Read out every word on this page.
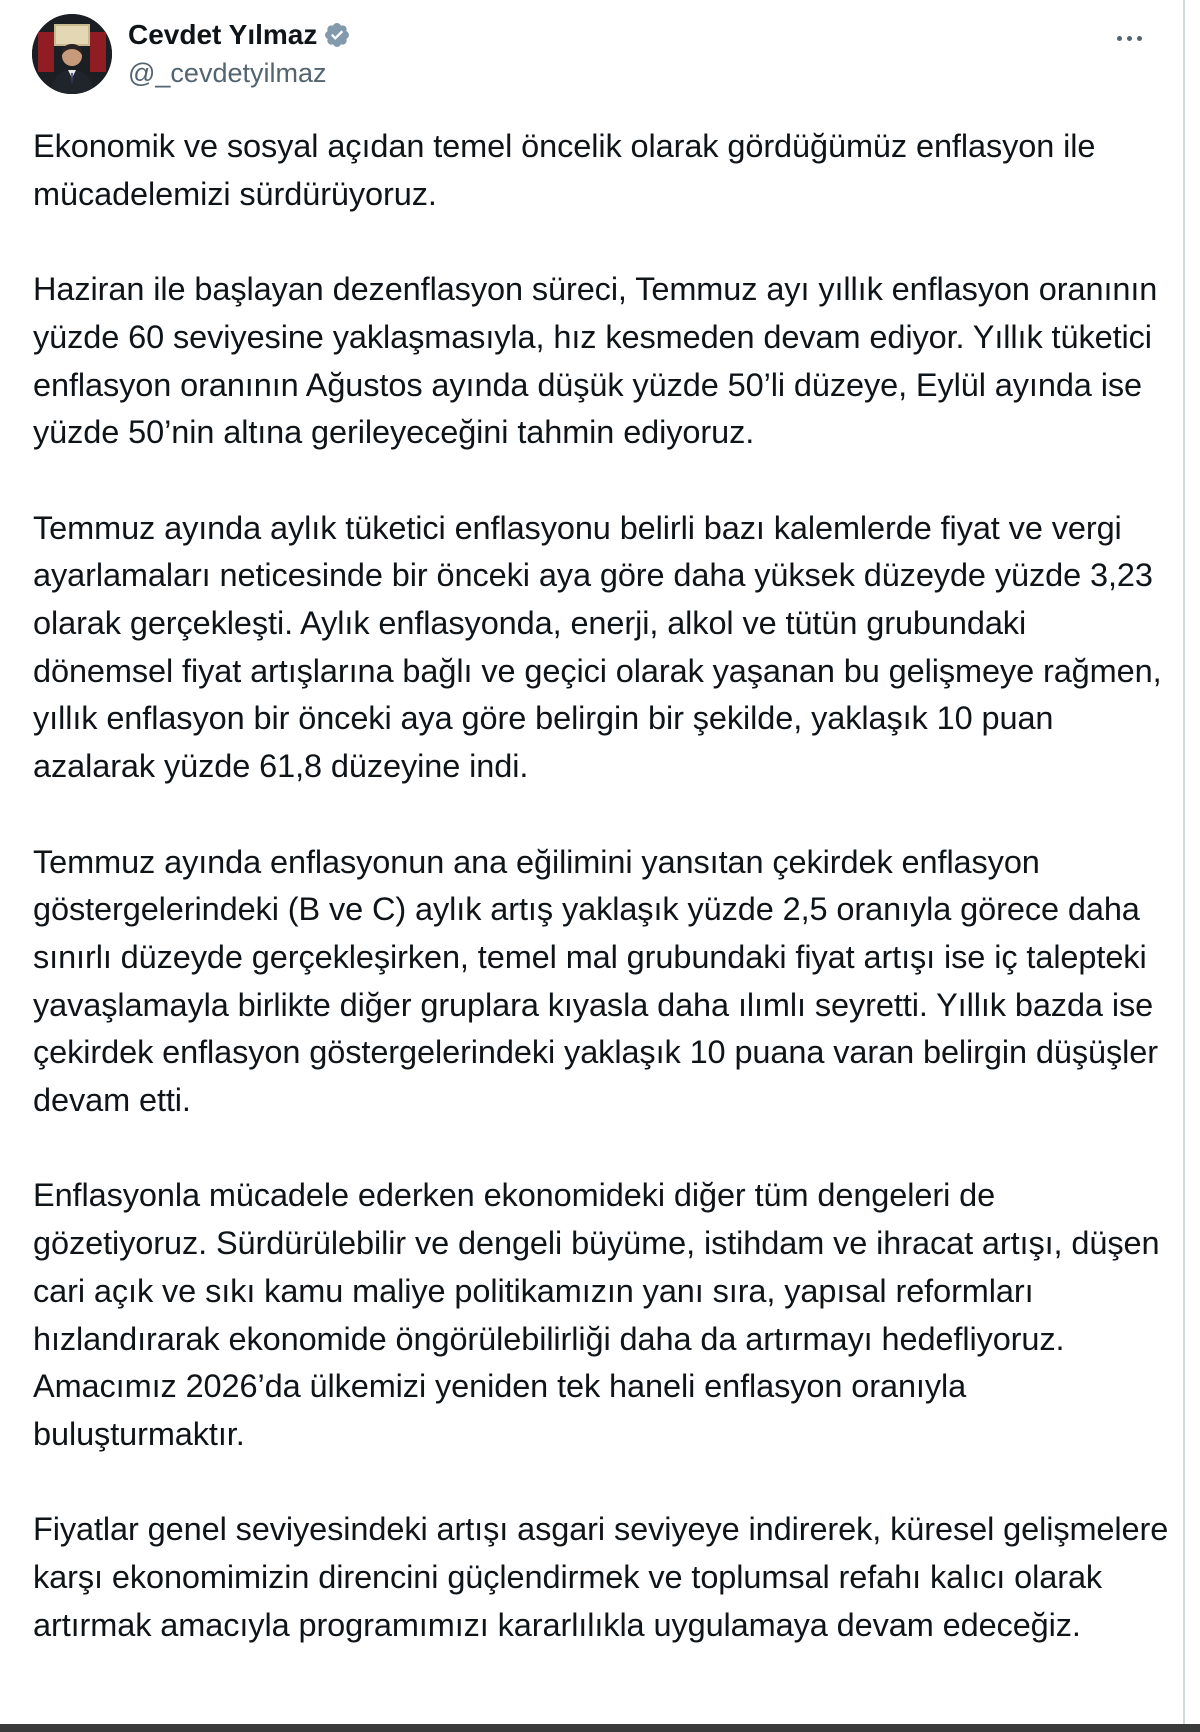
Cevdet Yılmaz
@_cevdetyilmaz

Ekonomik ve sosyal açıdan temel öncelik olarak gördüğümüz enflasyon ile mücadelemizi sürdürüyoruz.

Haziran ile başlayan dezenflasyon süreci, Temmuz ayı yıllık enflasyon oranının yüzde 60 seviyesine yaklaşmasıyla, hız kesmeden devam ediyor. Yıllık tüketici enflasyon oranının Ağustos ayında düşük yüzde 50’li düzeye, Eylül ayında ise yüzde 50’nin altına gerileyeceğini tahmin ediyoruz.

Temmuz ayında aylık tüketici enflasyonu belirli bazı kalemlerde fiyat ve vergi ayarlamaları neticesinde bir önceki aya göre daha yüksek düzeyde yüzde 3,23 olarak gerçekleşti. Aylık enflasyonda, enerji, alkol ve tütün grubundaki dönemsel fiyat artışlarına bağlı ve geçici olarak yaşanan bu gelişmeye rağmen, yıllık enflasyon bir önceki aya göre belirgin bir şekilde, yaklaşık 10 puan azalarak yüzde 61,8 düzeyine indi.

Temmuz ayında enflasyonun ana eğilimini yansıtan çekirdek enflasyon göstergelerindeki (B ve C) aylık artış yaklaşık yüzde 2,5 oranıyla görece daha sınırlı düzeyde gerçekleşirken, temel mal grubundaki fiyat artışı ise iç talepteki yavaşlamayla birlikte diğer gruplara kıyasla daha ılımlı seyretti. Yıllık bazda ise çekirdek enflasyon göstergelerindeki yaklaşık 10 puana varan belirgin düşüşler devam etti.

Enflasyonla mücadele ederken ekonomideki diğer tüm dengeleri de gözetiyoruz. Sürdürülebilir ve dengeli büyüme, istihdam ve ihracat artışı, düşen cari açık ve sıkı kamu maliye politikamızın yanı sıra, yapısal reformları hızlandırarak ekonomide öngörülebilirliği daha da artırmayı hedefliyoruz. Amacımız 2026’da ülkemizi yeniden tek haneli enflasyon oranıyla buluşturmaktır.

Fiyatlar genel seviyesindeki artışı asgari seviyeye indirerek, küresel gelişmelere karşı ekonomimizin direncini güçlendirmek ve toplumsal refahı kalıcı olarak artırmak amacıyla programımızı kararlılıkla uygulamaya devam edeceğiz.
